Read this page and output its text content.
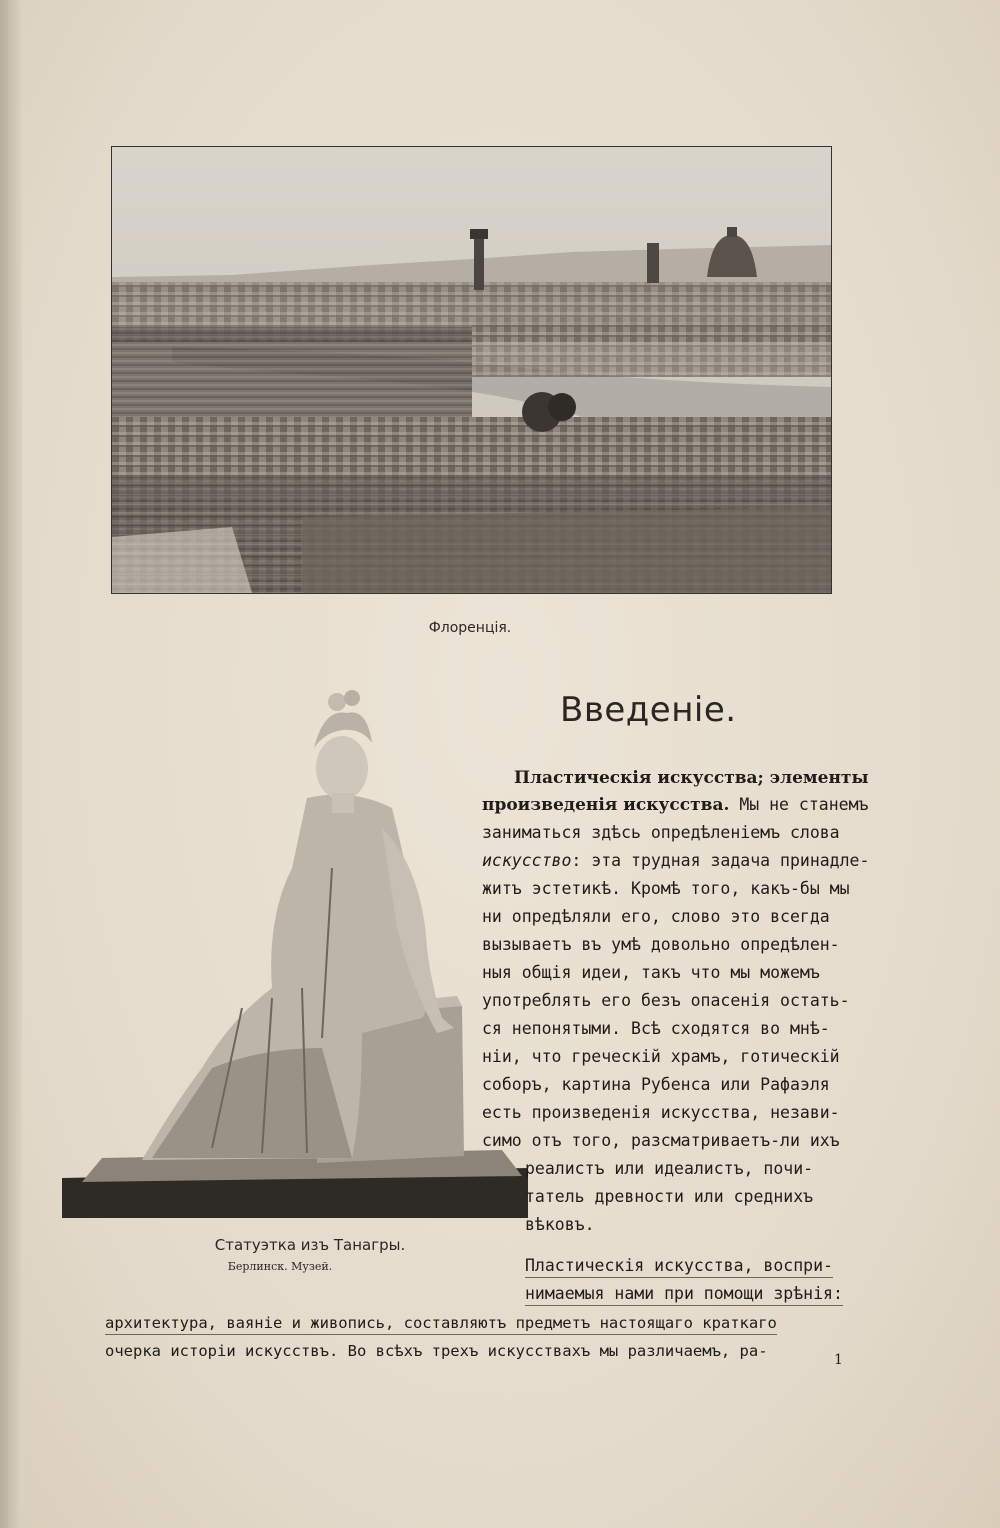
Флоренція.
Введеніе.
Статуэтка изъ Танагры.
Берлинск. Музей.
Пластическія искусства; элементы
произведенія искусства. Мы не станемъ
заниматься здѣсь опредѣленіемъ слова
искусство: эта трудная задача принадле-
житъ эстетикѣ. Кромѣ того, какъ-бы мы
ни опредѣляли его, слово это всегда
вызываетъ въ умѣ довольно опредѣлен-
ныя общія идеи, такъ что мы можемъ
употреблять его безъ опасенія остать-
ся непонятыми. Всѣ сходятся во мнѣ-
ніи, что греческій храмъ, готическій
соборъ, картина Рубенса или Рафаэля
есть произведенія искусства, незави-
симо отъ того, разсматриваетъ-ли ихъ
реалистъ или идеалистъ, почи-
татель древности или среднихъ
вѣковъ.
Пластическія искусства, воспри-
нимаемыя нами при помощи зрѣнія:
архитектура, ваяніе и живопись, составляютъ предметъ настоящаго краткаго
очерка исторіи искусствъ. Во всѣхъ трехъ искусствахъ мы различаемъ, ра-	1
